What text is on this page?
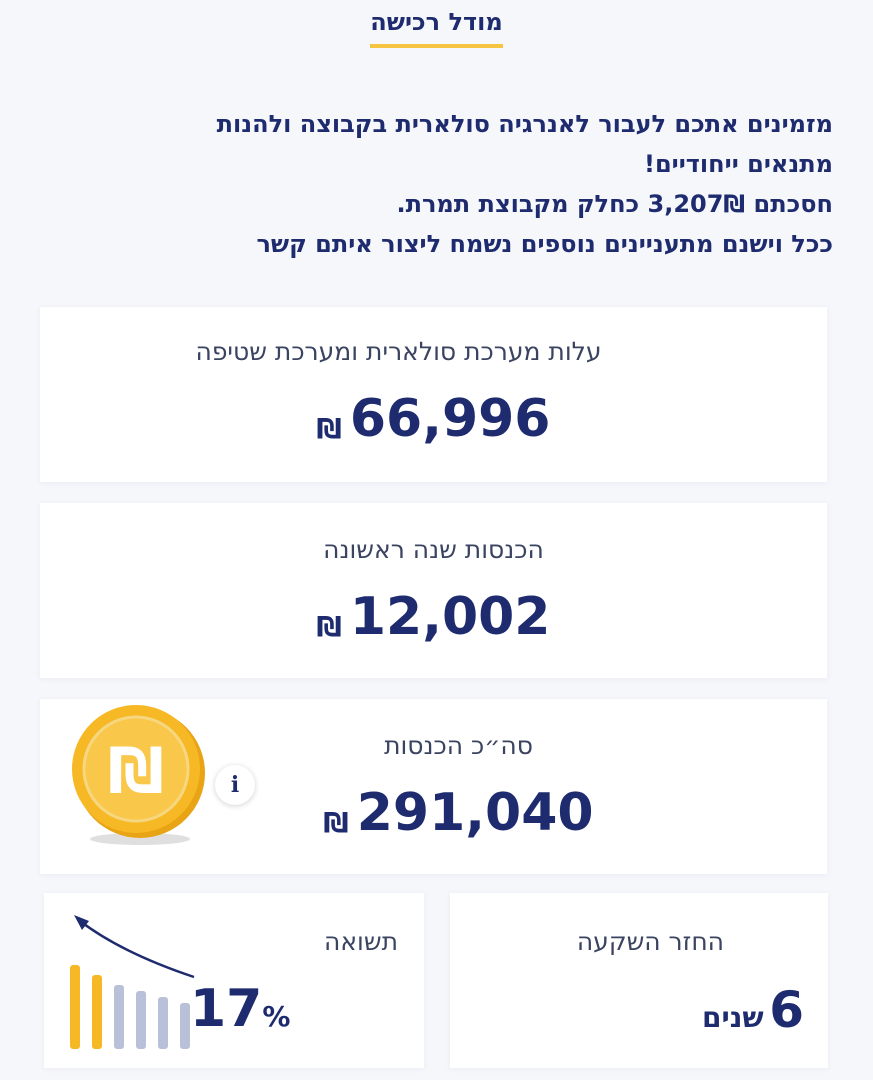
מודל רכישה

מזמינים אתכם לעבור לאנרגיה סולארית בקבוצה ולהנות

מתנאים ייחודיים!

חסכתם 3,207₪ כחלק מקבוצת תמרת.

ככל וישנם מתעניינים נוספים נשמח ליצור איתם קשר

עלות מערכת סולארית ומערכת שטיפה
₪ 66,996
הכנסות שנה ראשונה
₪ 12,002
₪	i
סה״כ הכנסות
₪ 291,040
תשואה
17%
החזר השקעה
6 שנים
